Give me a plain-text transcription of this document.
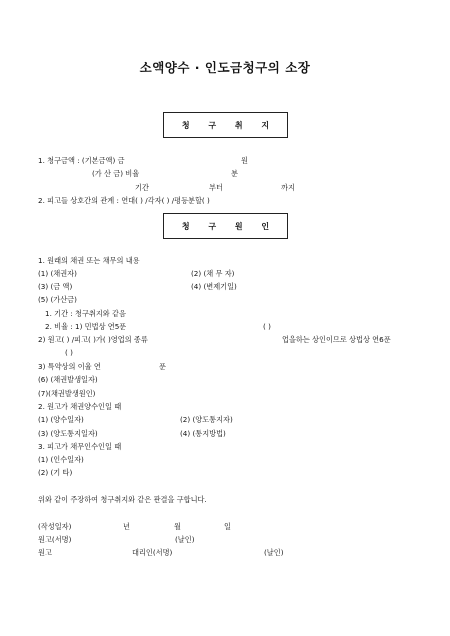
소액양수 · 인도금청구의 소장
청 구 취 지
1. 청구금액 : (기본금액) 금	원
(가 산 금) 비율	분
기간	부터	까지
2. 피고들 상호간의 관계 : 연대( ) /각자( ) /평등분할( )
청 구 원 인
1. 원래의 채권 또는 채무의 내용
(1) (채권자)	(2) (채 무 자)
(3) (금 액)	(4) (변제기일)
(5) (가산금)
1. 기간 : 청구취지와 같음
2. 비율 : 1) 민법상 연5푼	( )
2) 원고( ) /피고( )가( )영업의 종류	업을하는 상인이므로 상법상 연6푼
( )
3) 특약상의 이율 연	푼
(6) (채권발생일자)
(7)(채권발생원인)
2. 원고가 채권양수인일 때
(1) (양수일자)	(2) (양도통지자)
(3) (양도통지일자)	(4) (통지방법)
3. 피고가 채무인수인일 때
(1) (인수일자)
(2) (기 타)
위와 같이 주장하여 청구취지와 같은 판결을 구합니다.
(작성일자)	년	월	일
원고(서명)	(날인)
원고	대리인(서명)	(날인)
